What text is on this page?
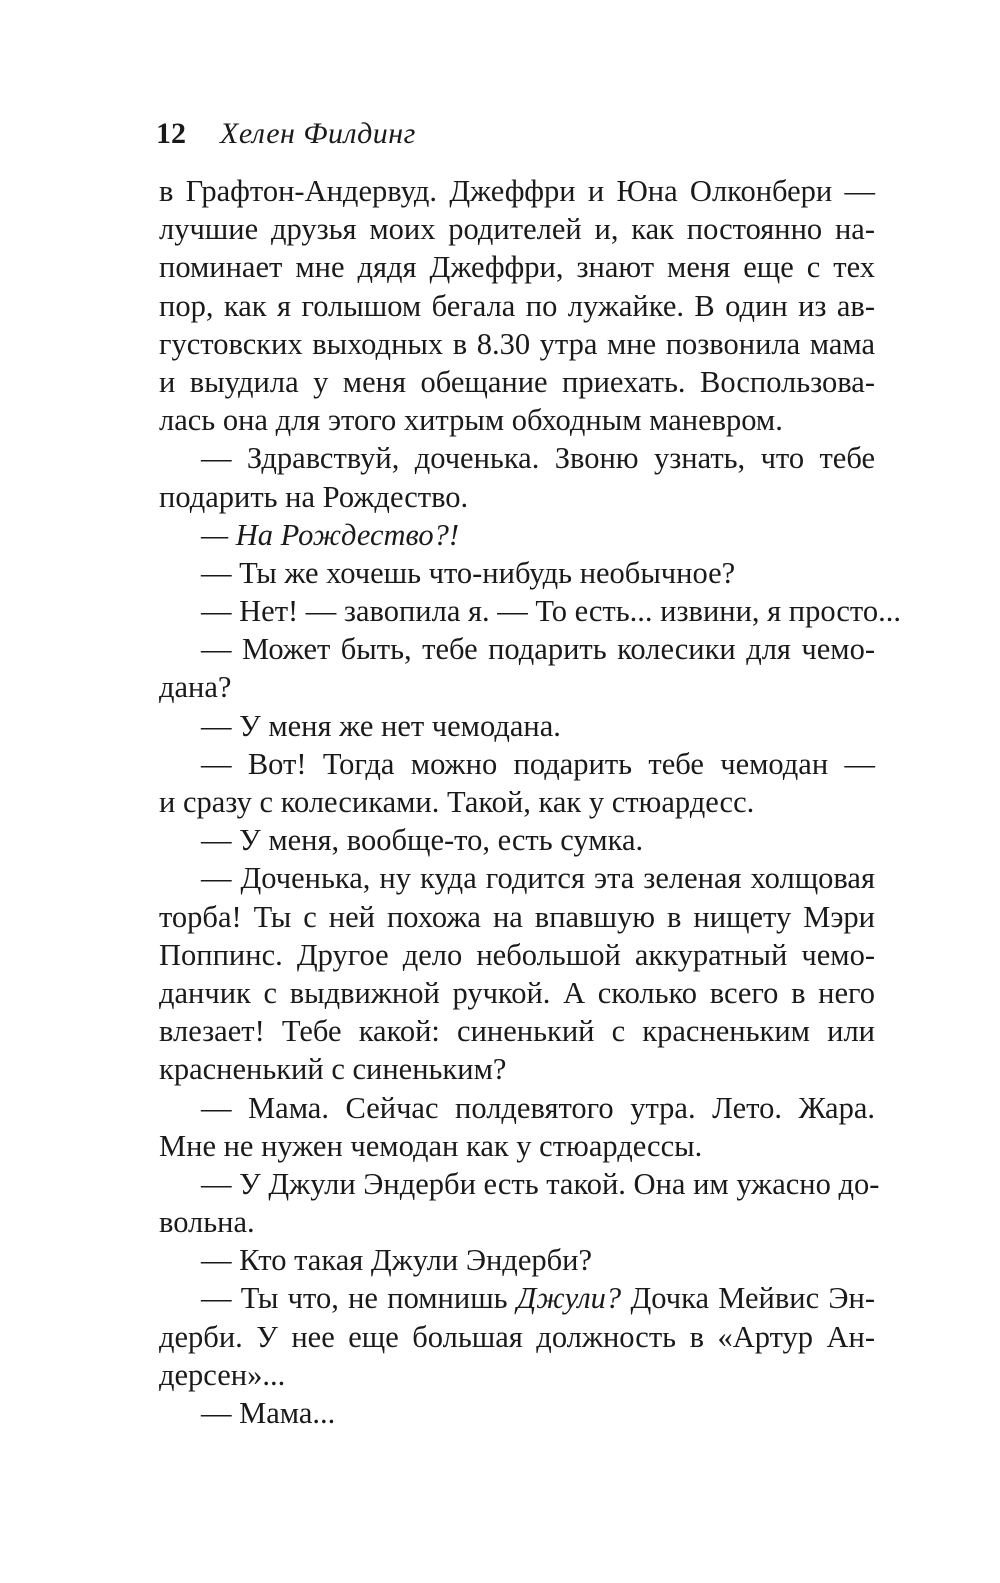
12 Хелен Филдинг
в Графтон-Андервуд. Джеффри и Юна Олконбери —
лучшие друзья моих родителей и, как постоянно на-
поминает мне дядя Джеффри, знают меня еще с тех
пор, как я голышом бегала по лужайке. В один из ав-
густовских выходных в 8.30 утра мне позвонила мама
и выудила у меня обещание приехать. Воспользова-
лась она для этого хитрым обходным маневром.
— Здравствуй, доченька. Звоню узнать, что тебе
подарить на Рождество.
— На Рождество?!
— Ты же хочешь что-нибудь необычное?
— Нет! — завопила я. — То есть... извини, я просто...
— Может быть, тебе подарить колесики для чемо-
дана?
— У меня же нет чемодана.
— Вот! Тогда можно подарить тебе чемодан —
и сразу с колесиками. Такой, как у стюардесс.
— У меня, вообще-то, есть сумка.
— Доченька, ну куда годится эта зеленая холщовая
торба! Ты с ней похожа на впавшую в нищету Мэри
Поппинс. Другое дело небольшой аккуратный чемо-
данчик с выдвижной ручкой. А сколько всего в него
влезает! Тебе какой: синенький с красненьким или
красненький с синеньким?
— Мама. Сейчас полдевятого утра. Лето. Жара.
Мне не нужен чемодан как у стюардессы.
— У Джули Эндерби есть такой. Она им ужасно до-
вольна.
— Кто такая Джули Эндерби?
— Ты что, не помнишь Джули? Дочка Мейвис Эн-
дерби. У нее еще большая должность в «Артур Ан-
дерсен»...
— Мама...
